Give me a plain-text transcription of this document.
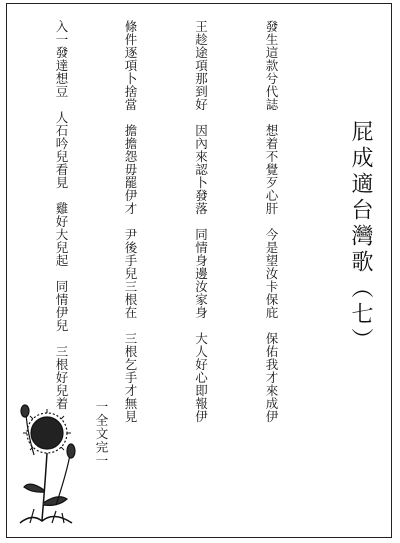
屁成適台灣歌（七）

發生這款兮代誌　想着不覺歹心肝　今是望汝卡保庇　保佑我才來成伊

王趁途項那到好　因內來認卜發落　同情身邊汝家身　大人好心即報伊

條件逐項卜捨當　擔擔怨毋罷伊才　尹後手兒三根在　三根乞手才無見

入一發達想豆　人石吟兒看見　雞好大兒起　同情伊兒　三根好兒着

一全文完一
